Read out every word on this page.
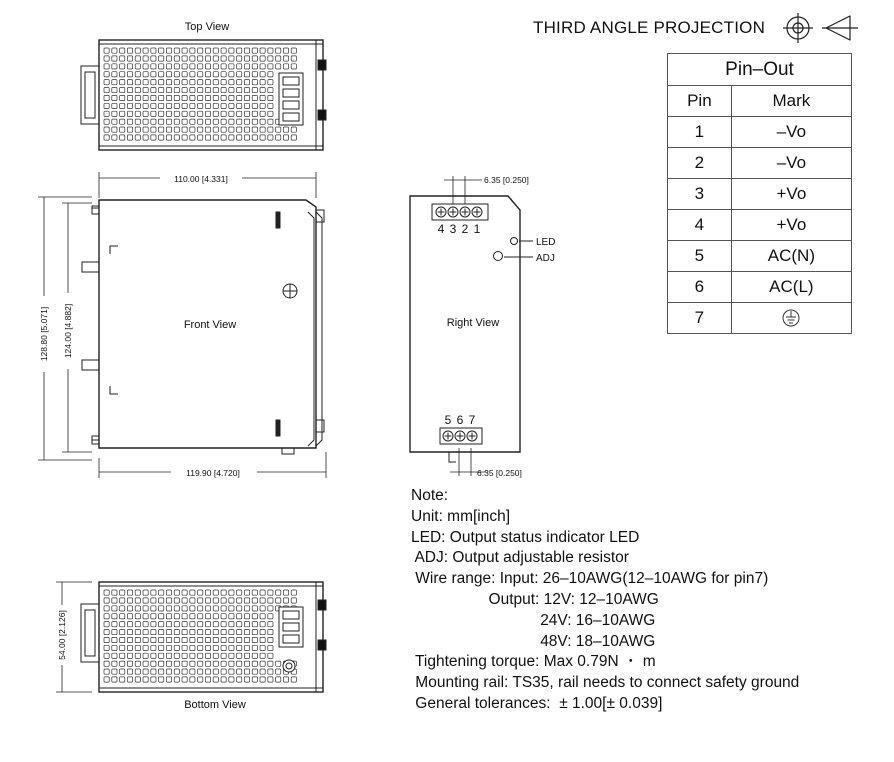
Top View
Front View
110.00 [4.331]
119.90 [4.720]
128.80 [5.071] 124.00 [4.882]	Right View
LED
ADJ
4 3 2 1
5 6 7
6.35 [0.250]
6.35 [0.250]
Bottom View
54.00 [2.126]
THIRD ANGLE PROJECTION
Pin–Out	
Pin	Mark
1	–Vo
2	–Vo
3	+Vo
4	+Vo
5	AC(N)
6	AC(L)
7	
Note:
Unit: mm[inch]
LED: Output status indicator LED
ADJ: Output adjustable resistor
Wire range: Input: 26–10AWG(12–10AWG for pin7)
Output: 12V: 12–10AWG
24V: 16–10AWG
48V: 18–10AWG
Tightening torque: Max 0.79N ・ m
Mounting rail: TS35, rail needs to connect safety ground
General tolerances:  ± 1.00[± 0.039]
